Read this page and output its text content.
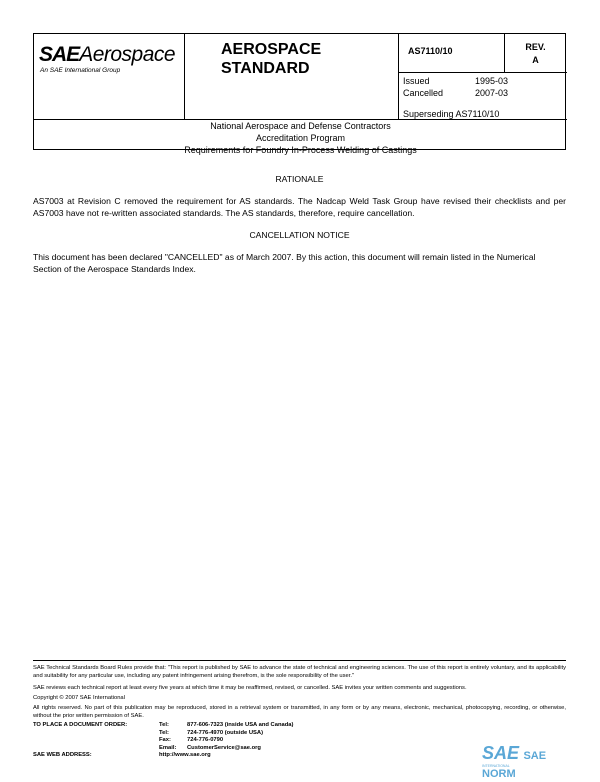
SAEAerospace
An SAE International Group
AEROSPACE
STANDARD
AS7110/10	REV.
A
Issued	1995-03
Cancelled	2007-03
Superseding AS7110/10
National Aerospace and Defense Contractors
Accreditation Program
Requirements for Foundry In-Process Welding of Castings
RATIONALE
AS7003 at Revision C removed the requirement for AS standards. The Nadcap Weld Task Group have revised their checklists and per AS7003 have not re-written associated standards. The AS standards, therefore, require cancellation.
CANCELLATION NOTICE
This document has been declared "CANCELLED" as of March 2007. By this action, this document will remain listed in the Numerical Section of the Aerospace Standards Index.
SAE Technical Standards Board Rules provide that: "This report is published by SAE to advance the state of technical and engineering sciences. The use of this report is entirely voluntary, and its applicability and suitability for any particular use, including any patent infringement arising therefrom, is the sole responsibility of the user."
SAE reviews each technical report at least every five years at which time it may be reaffirmed, revised, or cancelled. SAE invites your written comments and suggestions.
Copyright © 2007 SAE International
All rights reserved. No part of this publication may be reproduced, stored in a retrieval system or transmitted, in any form or by any means, electronic, mechanical, photocopying, recording, or otherwise, without the prior written permission of SAE.
TO PLACE A DOCUMENT ORDER:	Tel:	877-606-7323 (inside USA and Canada)
Tel:	724-776-4970 (outside USA)
Fax:	724-776-0790
Email: CustomerService@sae.org
SAE WEB ADDRESS:	http://www.sae.org	SAE SAE NORM
INTERNATIONAL
